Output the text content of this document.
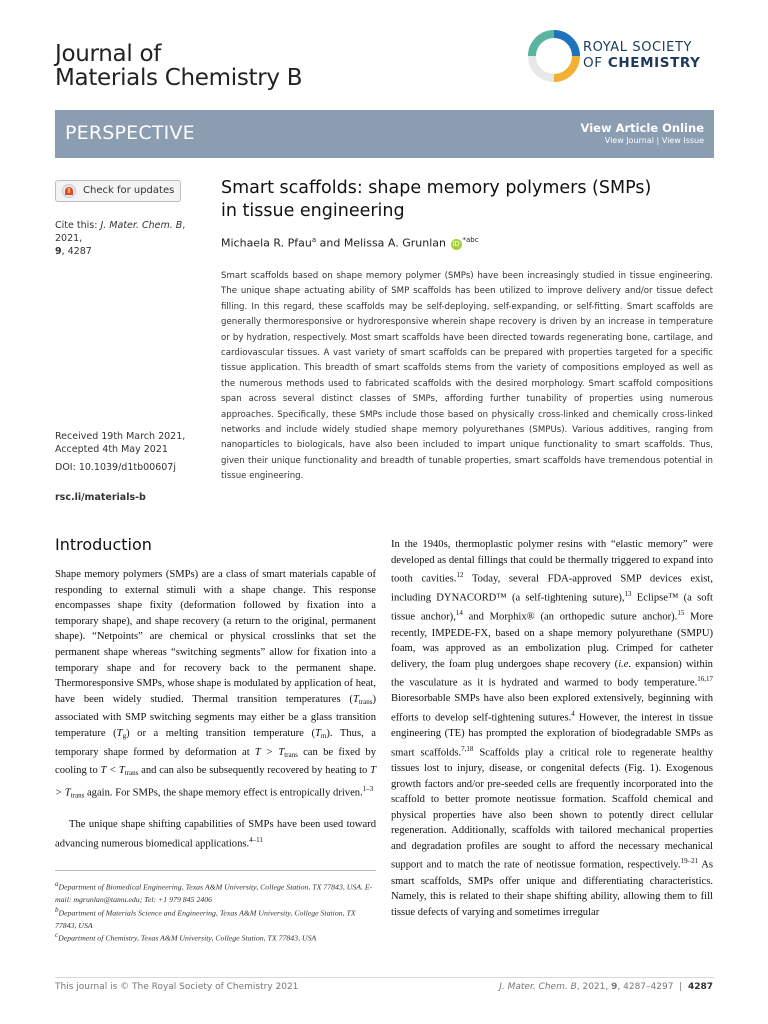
Journal of
Materials Chemistry B
ROYAL SOCIETY
OF CHEMISTRY
PERSPECTIVE	View Article Online
View Journal | View Issue
Check for updates
Cite this: J. Mater. Chem. B, 2021,
9, 4287
Received 19th March 2021,
Accepted 4th May 2021
DOI: 10.1039/d1tb00607j
rsc.li/materials-b
Smart scaffolds: shape memory polymers (SMPs)
in tissue engineering
Michaela R. Pfau$^a$ and Melissa A. Grunlan iD $^{*abc}$

Smart scaffolds based on shape memory polymer (SMPs) have been increasingly studied in tissue engineering. The unique shape actuating ability of SMP scaffolds has been utilized to improve delivery and/or tissue defect filling. In this regard, these scaffolds may be self-deploying, self-expanding, or self-fitting. Smart scaffolds are generally thermoresponsive or hydroresponsive wherein shape recovery is driven by an increase in temperature or by hydration, respectively. Most smart scaffolds have been directed towards regenerating bone, cartilage, and cardiovascular tissues. A vast variety of smart scaffolds can be prepared with properties targeted for a specific tissue application. This breadth of smart scaffolds stems from the variety of compositions employed as well as the numerous methods used to fabricated scaffolds with the desired morphology. Smart scaffold compositions span across several distinct classes of SMPs, affording further tunability of properties using numerous approaches. Specifically, these SMPs include those based on physically cross-linked and chemically cross-linked networks and include widely studied shape memory polyurethanes (SMPUs). Various additives, ranging from nanoparticles to biologicals, have also been included to impart unique functionality to smart scaffolds. Thus, given their unique functionality and breadth of tunable properties, smart scaffolds have tremendous potential in tissue engineering.

Introduction

Shape memory polymers (SMPs) are a class of smart materials capable of responding to external stimuli with a shape change. This response encompasses shape fixity (deformation followed by fixation into a temporary shape), and shape recovery (a return to the original, permanent shape). “Netpoints” are chemical or physical crosslinks that set the permanent shape whereas “switching segments” allow for fixation into a temporary shape and for recovery back to the permanent shape. Thermoresponsive SMPs, whose shape is modulated by application of heat, have been widely studied. Thermal transition temperatures $(T_{trans})$ associated with SMP switching segments may either be a glass transition temperature $(T_g)$ or a melting transition temperature $(T_m)$. Thus, a temporary shape formed by deformation at $T > T_{trans}$ can be fixed by cooling to $T < T_{trans}$ and can also be subsequently recovered by heating to $T > T_{trans}$ again. For SMPs, the shape memory effect is entropically driven.$^{1-3}$

The unique shape shifting capabilities of SMPs have been used toward advancing numerous biomedical applications.$^{4-11}$

In the 1940s, thermoplastic polymer resins with “elastic memory” were developed as dental fillings that could be thermally triggered to expand into tooth cavities.$^{12}$ Today, several FDA-approved SMP devices exist, including DYNACORD™ (a self-tightening suture),$^{13}$ Eclipse™ (a soft tissue anchor),$^{14}$ and Morphix® (an orthopedic suture anchor).$^{15}$ More recently, IMPEDE-FX, based on a shape memory polyurethane (SMPU) foam, was approved as an embolization plug. Crimped for catheter delivery, the foam plug undergoes shape recovery (i.e. expansion) within the vasculature as it is hydrated and warmed to body temperature.$^{16,17}$ Bioresorbable SMPs have also been explored extensively, beginning with efforts to develop self-tightening sutures.$^4$ However, the interest in tissue engineering (TE) has prompted the exploration of biodegradable SMPs as smart scaffolds.$^{7,18}$ Scaffolds play a critical role to regenerate healthy tissues lost to injury, disease, or congenital defects (Fig. 1). Exogenous growth factors and/or pre-seeded cells are frequently incorporated into the scaffold to better promote neotissue formation. Scaffold chemical and physical properties have also been shown to potently direct cellular regeneration. Additionally, scaffolds with tailored mechanical properties and degradation profiles are sought to afford the necessary mechanical support and to match the rate of neotissue formation, respectively.$^{19-21}$ As smart scaffolds, SMPs offer unique and differentiating characteristics. Namely, this is related to their shape shifting ability, allowing them to fill tissue defects of varying and sometimes irregular

$^a$Department of Biomedical Engineering, Texas A&M University, College Station, TX 77843, USA. E-mail: mgrunlan@tamu.edu; Tel: +1 979 845 2406
$^b$Department of Materials Science and Engineering, Texas A&M University, College Station, TX 77843, USA
$^c$Department of Chemistry, Texas A&M University, College Station, TX 77843, USA
This journal is © The Royal Society of Chemistry 2021	J. Mater. Chem. B, 2021, 9, 4287–4297 | 4287
